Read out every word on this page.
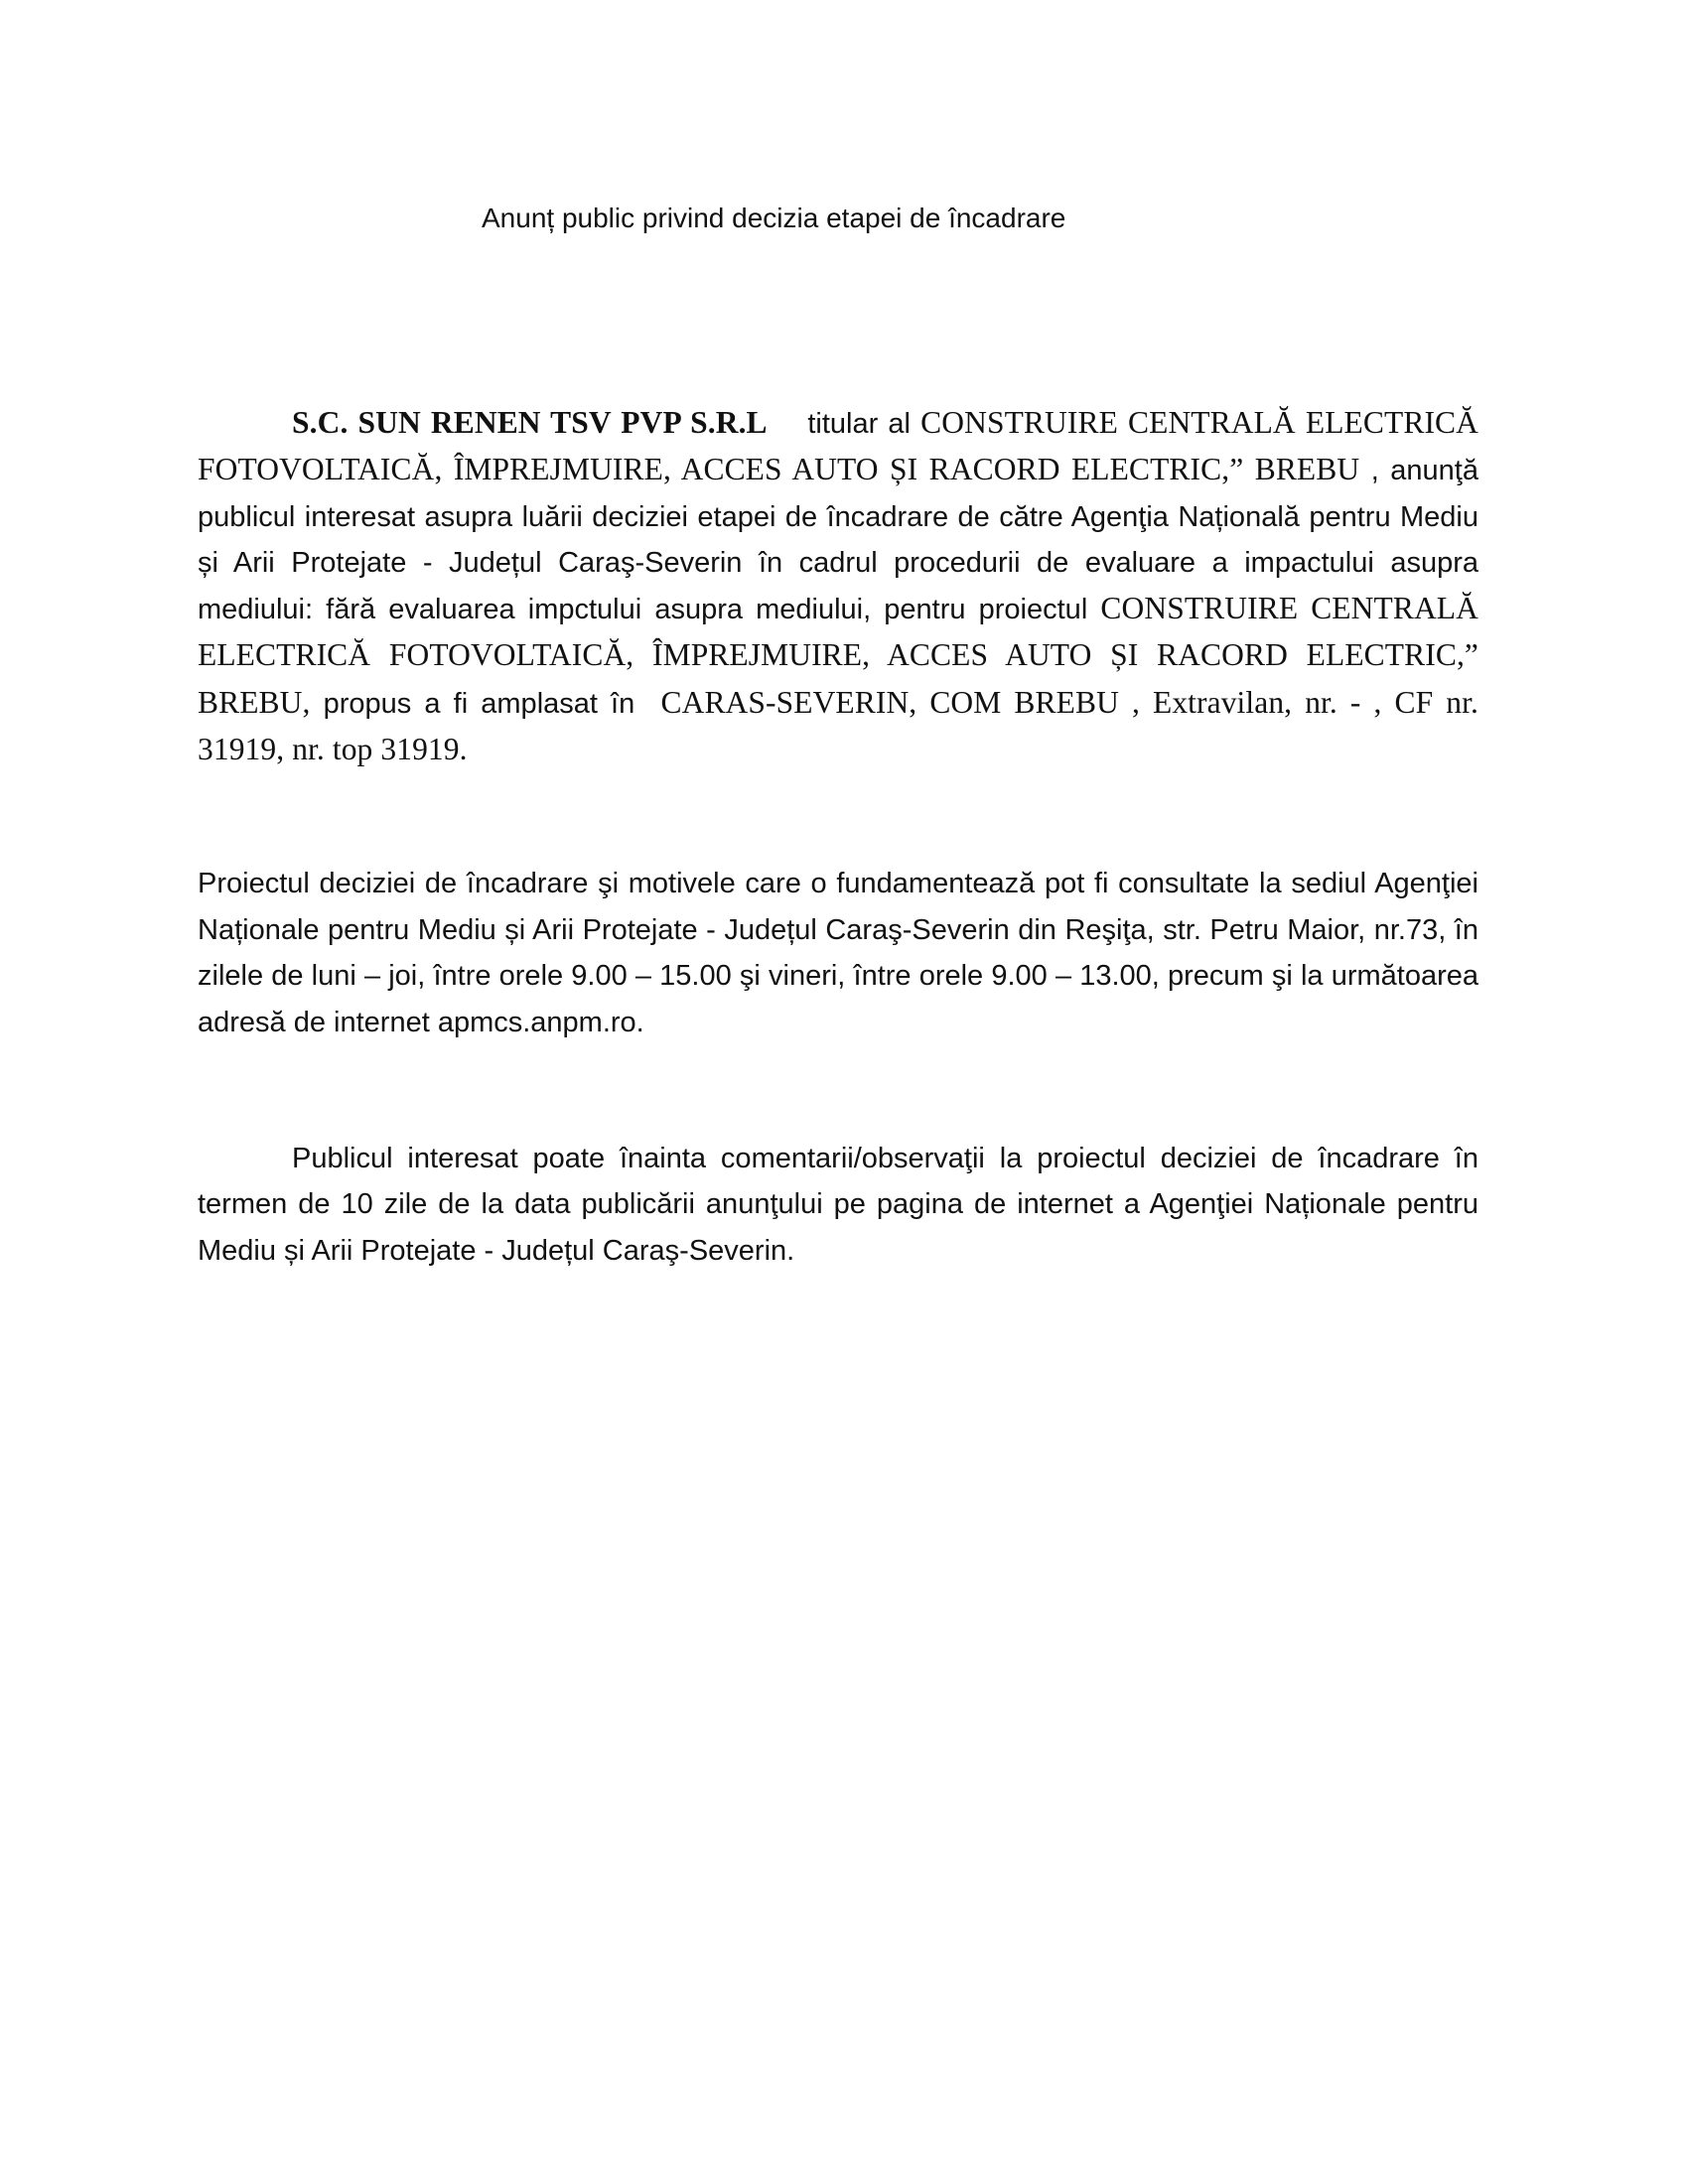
Anunț public privind decizia etapei de încadrare

S.C. SUN RENEN TSV PVP S.R.L titular al CONSTRUIRE CENTRALĂ ELECTRICĂ FOTOVOLTAICĂ, ÎMPREJMUIRE, ACCES AUTO ȘI RACORD ELECTRIC,” BREBU , anunţă publicul interesat asupra luării deciziei etapei de încadrare de către Agenţia Națională pentru Mediu și Arii Protejate - Județul Caraş-Severin în cadrul procedurii de evaluare a impactului asupra mediului: fără evaluarea impctului asupra mediului, pentru proiectul CONSTRUIRE CENTRALĂ ELECTRICĂ FOTOVOLTAICĂ, ÎMPREJMUIRE, ACCES AUTO ȘI RACORD ELECTRIC,” BREBU, propus a fi amplasat în CARAS-SEVERIN, COM BREBU , Extravilan, nr. - , CF nr. 31919, nr. top 31919.

Proiectul deciziei de încadrare şi motivele care o fundamentează pot fi consultate la sediul Agenţiei Naționale pentru Mediu și Arii Protejate - Județul Caraş-Severin din Reşiţa, str. Petru Maior, nr.73, în zilele de luni – joi, între orele 9.00 – 15.00 şi vineri, între orele 9.00 – 13.00, precum şi la următoarea adresă de internet apmcs.anpm.ro.

Publicul interesat poate înainta comentarii/observaţii la proiectul deciziei de încadrare în termen de 10 zile de la data publicării anunţului pe pagina de internet a Agenţiei Naționale pentru Mediu și Arii Protejate - Județul Caraş-Severin.
